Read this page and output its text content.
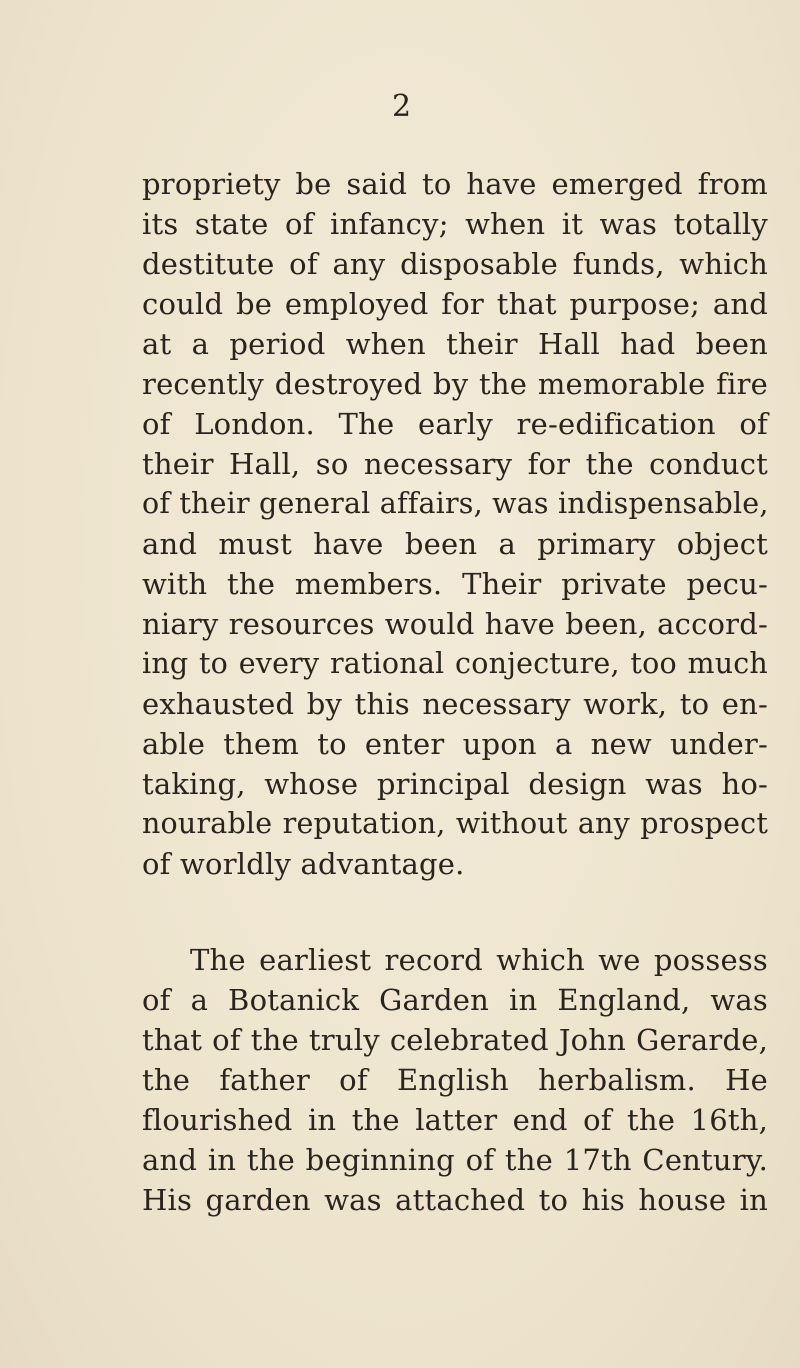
2
propriety be said to have emerged from
its state of infancy; when it was totally
destitute of any disposable funds, which
could be employed for that purpose; and
at a period when their Hall had been
recently destroyed by the memorable fire
of London. The early re-edification of
their Hall, so necessary for the conduct
of their general affairs, was indispensable,
and must have been a primary object
with the members. Their private pecu-
niary resources would have been, accord-
ing to every rational conjecture, too much
exhausted by this necessary work, to en-
able them to enter upon a new under-
taking, whose principal design was ho-
nourable reputation, without any prospect
of worldly advantage.
The earliest record which we possess
of a Botanick Garden in England, was
that of the truly celebrated John Gerarde,
the father of English herbalism. He
flourished in the latter end of the 16th,
and in the beginning of the 17th Century.
His garden was attached to his house in
